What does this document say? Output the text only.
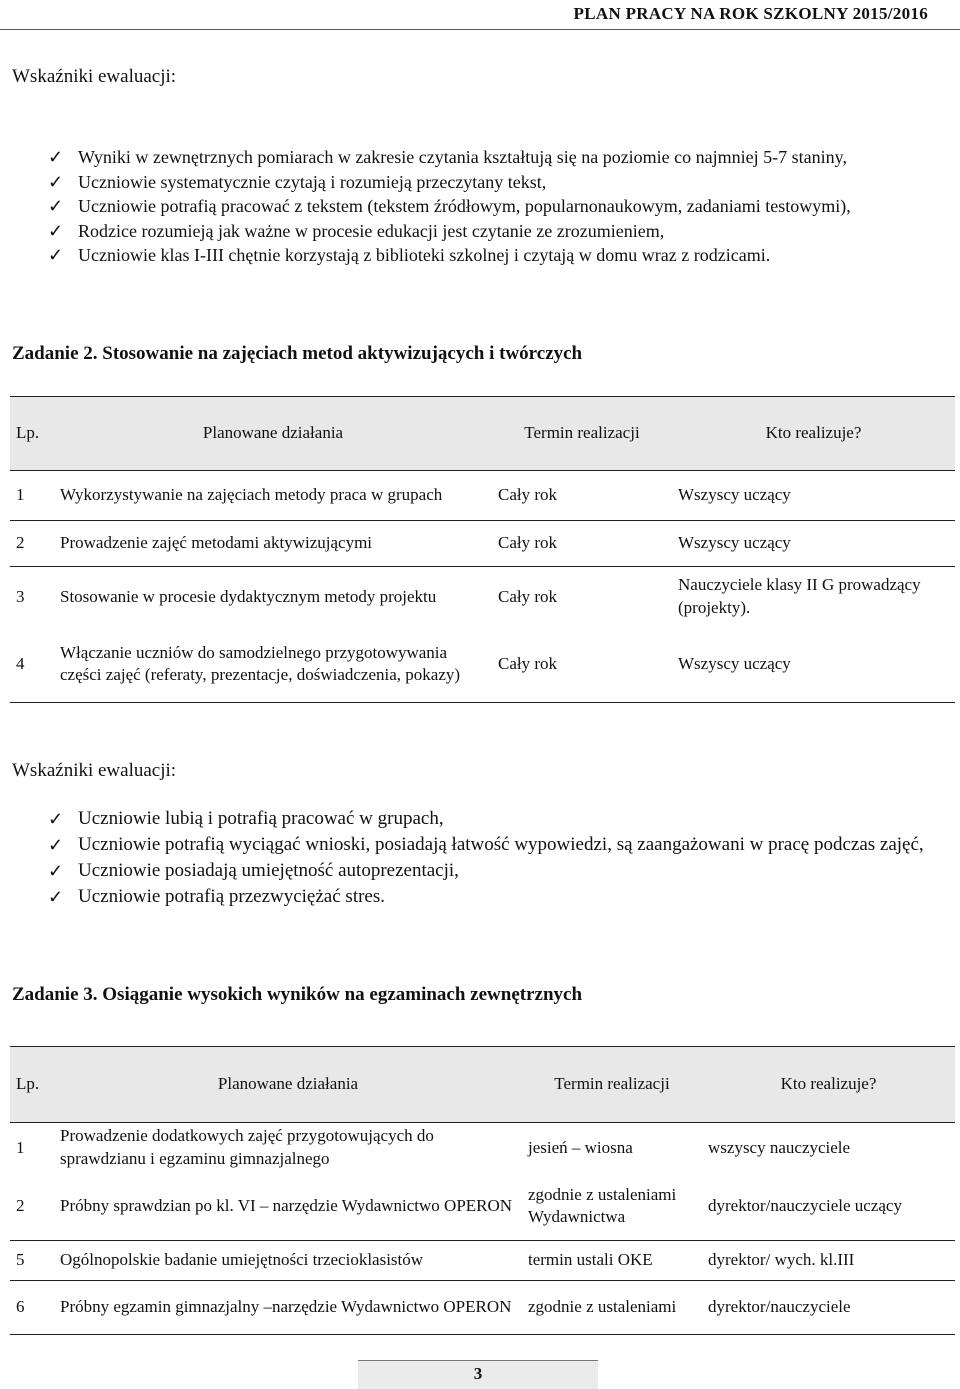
PLAN PRACY NA ROK SZKOLNY 2015/2016
Wskaźniki ewaluacji:
✓ Wyniki w zewnętrznych pomiarach w zakresie czytania kształtują się na poziomie co najmniej 5-7 staniny,
✓ Uczniowie systematycznie czytają i rozumieją przeczytany tekst,
✓ Uczniowie potrafią pracować z tekstem (tekstem źródłowym, popularnonaukowym, zadaniami testowymi),
✓ Rodzice rozumieją jak ważne w procesie edukacji jest czytanie ze zrozumieniem,
✓ Uczniowie klas I-III chętnie korzystają z biblioteki szkolnej i czytają w domu wraz z rodzicami.
Zadanie 2. Stosowanie na zajęciach metod aktywizujących i twórczych
Lp.	Planowane działania	Termin realizacji	Kto realizuje?
1	Wykorzystywanie na zajęciach metody praca w grupach	Cały rok	Wszyscy uczący
2	Prowadzenie zajęć metodami aktywizującymi	Cały rok	Wszyscy uczący
3	Stosowanie w procesie dydaktycznym metody projektu	Cały rok	Nauczyciele klasy II G prowadzący (projekty).
4	Włączanie uczniów do samodzielnego przygotowywania części zajęć (referaty, prezentacje, doświadczenia, pokazy)	Cały rok	Wszyscy uczący
Wskaźniki ewaluacji:
✓ Uczniowie lubią i potrafią pracować w grupach,
✓ Uczniowie potrafią wyciągać wnioski, posiadają łatwość wypowiedzi, są zaangażowani w pracę podczas zajęć,
✓ Uczniowie posiadają umiejętność autoprezentacji,
✓ Uczniowie potrafią przezwyciężać stres.
Zadanie 3. Osiąganie wysokich wyników na egzaminach zewnętrznych
Lp.	Planowane działania	Termin realizacji	Kto realizuje?
1	Prowadzenie dodatkowych zajęć przygotowujących do sprawdzianu i egzaminu gimnazjalnego	jesień – wiosna	wszyscy nauczyciele
2	Próbny sprawdzian po kl. VI – narzędzie Wydawnictwo OPERON	zgodnie z ustaleniami Wydawnictwa	dyrektor/nauczyciele uczący
5	Ogólnopolskie badanie umiejętności trzecioklasistów	termin ustali OKE	dyrektor/ wych. kl.III
6	Próbny egzamin gimnazjalny –narzędzie Wydawnictwo OPERON	zgodnie z ustaleniami	dyrektor/nauczyciele
3
